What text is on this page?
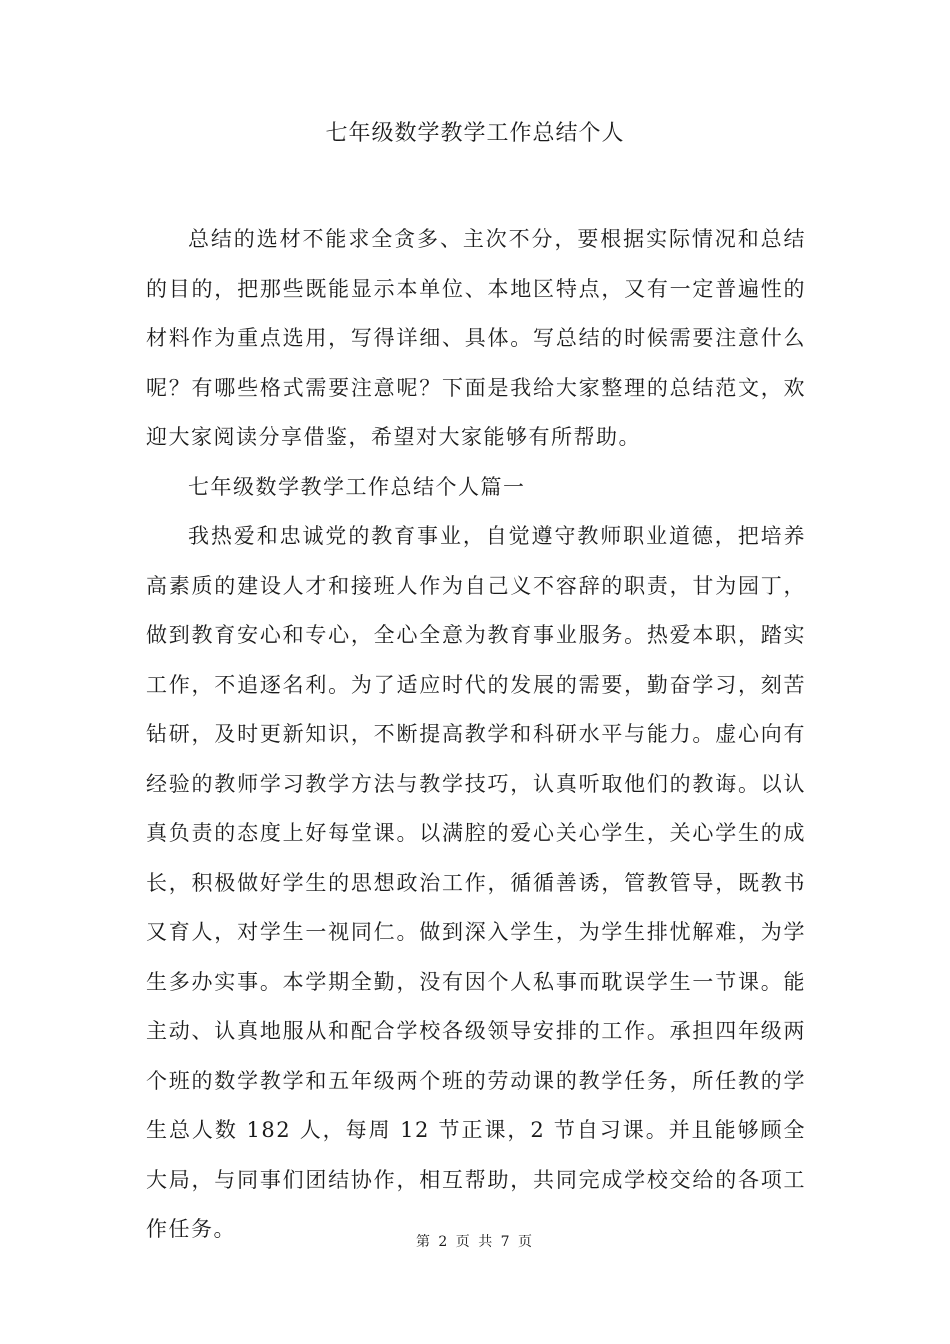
七年级数学教学工作总结个人

总结的选材不能求全贪多、主次不分，要根据实际情况和总结的目的，把那些既能显示本单位、本地区特点，又有一定普遍性的材料作为重点选用，写得详细、具体。写总结的时候需要注意什么呢？有哪些格式需要注意呢？下面是我给大家整理的总结范文，欢迎大家阅读分享借鉴，希望对大家能够有所帮助。

七年级数学教学工作总结个人篇一

我热爱和忠诚党的教育事业，自觉遵守教师职业道德，把培养高素质的建设人才和接班人作为自己义不容辞的职责，甘为园丁，做到教育安心和专心，全心全意为教育事业服务。热爱本职，踏实工作，不追逐名利。为了适应时代的发展的需要，勤奋学习，刻苦钻研，及时更新知识，不断提高教学和科研水平与能力。虚心向有经验的教师学习教学方法与教学技巧，认真听取他们的教诲。以认真负责的态度上好每堂课。以满腔的爱心关心学生，关心学生的成长，积极做好学生的思想政治工作，循循善诱，管教管导，既教书又育人，对学生一视同仁。做到深入学生，为学生排忧解难，为学生多办实事。本学期全勤，没有因个人私事而耽误学生一节课。能主动、认真地服从和配合学校各级领导安排的工作。承担四年级两个班的数学教学和五年级两个班的劳动课的教学任务，所任教的学生总人数 182 人，每周 12 节正课，2 节自习课。并且能够顾全大局，与同事们团结协作，相互帮助，共同完成学校交给的各项工作任务。

第 2 页 共 7 页
